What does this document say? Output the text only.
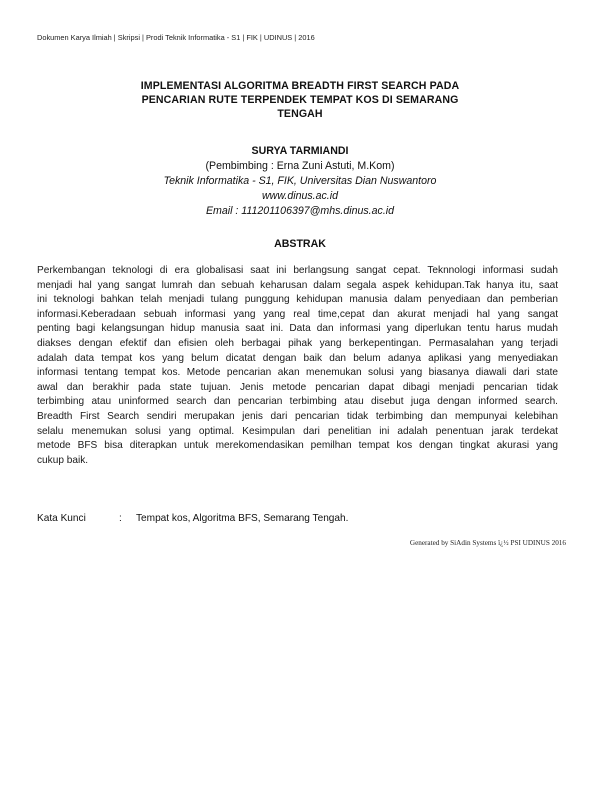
Dokumen Karya Ilmiah | Skripsi | Prodi Teknik Informatika - S1 | FIK | UDINUS | 2016
IMPLEMENTASI ALGORITMA BREADTH FIRST SEARCH PADA
PENCARIAN RUTE TERPENDEK TEMPAT KOS DI SEMARANG
TENGAH
SURYA TARMIANDI
(Pembimbing : Erna Zuni Astuti, M.Kom)
Teknik Informatika - S1, FIK, Universitas Dian Nuswantoro
www.dinus.ac.id
Email : 111201106397@mhs.dinus.ac.id
ABSTRAK
Perkembangan teknologi di era globalisasi saat ini berlangsung sangat cepat. Teknnologi informasi sudah
menjadi hal yang sangat lumrah dan sebuah keharusan dalam segala aspek kehidupan.Tak hanya itu, saat
ini teknologi bahkan telah menjadi tulang punggung kehidupan manusia dalam penyediaan dan pemberian
informasi.Keberadaan sebuah informasi yang yang real time,cepat dan akurat menjadi hal yang sangat
penting bagi kelangsungan hidup manusia saat ini. Data dan informasi yang diperlukan tentu harus mudah
diakses dengan efektif dan efisien oleh berbagai pihak yang berkepentingan. Permasalahan yang terjadi
adalah data tempat kos yang belum dicatat dengan baik dan belum adanya aplikasi yang menyediakan
informasi tentang tempat kos. Metode pencarian akan menemukan solusi yang biasanya diawali dari state
awal dan berakhir pada state tujuan. Jenis metode pencarian dapat dibagi menjadi pencarian tidak
terbimbing atau uninformed search dan pencarian terbimbing atau disebut juga dengan informed search.
Breadth First Search sendiri merupakan jenis dari pencarian tidak terbimbing dan mempunyai kelebihan
selalu menemukan solusi yang optimal. Kesimpulan dari penelitian ini adalah penentuan jarak terdekat
metode BFS bisa diterapkan untuk merekomendasikan pemilhan tempat kos dengan tingkat akurasi yang
cukup baik.
Kata Kunci	: Tempat kos, Algoritma BFS, Semarang Tengah.
Generated by SiAdin Systems ï¿½ PSI UDINUS 2016
